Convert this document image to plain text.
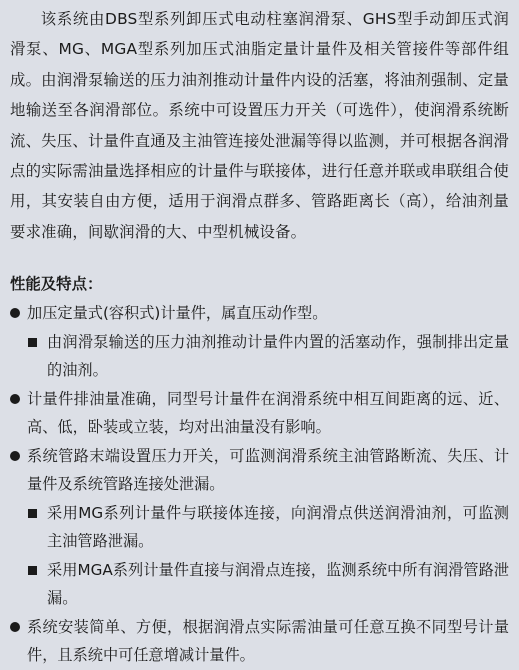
该系统由DBS型系列卸压式电动柱塞润滑泵、GHS型手动卸压式润滑泵、MG、MGA型系列加压式油脂定量计量件及相关管接件等部件组成。由润滑泵输送的压力油剂推动计量件内设的活塞，将油剂强制、定量地输送至各润滑部位。系统中可设置压力开关（可选件），使润滑系统断流、失压、计量件直通及主油管连接处泄漏等得以监测，并可根据各润滑点的实际需油量选择相应的计量件与联接体，进行任意并联或串联组合使用，其安装自由方便，适用于润滑点群多、管路距离长（高），给油剂量要求准确，间歇润滑的大、中型机械设备。

性能及特点：
加压定量式(容积式)计量件，属直压动作型。
由润滑泵输送的压力油剂推动计量件内置的活塞动作，强制排出定量的油剂。
计量件排油量准确，同型号计量件在润滑系统中相互间距离的远、近、高、低，卧装或立装，均对出油量没有影响。
系统管路末端设置压力开关，可监测润滑系统主油管路断流、失压、计量件及系统管路连接处泄漏。
采用MG系列计量件与联接体连接，向润滑点供送润滑油剂，可监测主油管路泄漏。
采用MGA系列计量件直接与润滑点连接，监测系统中所有润滑管路泄漏。
系统安装简单、方便，根据润滑点实际需油量可任意互换不同型号计量件，且系统中可任意增减计量件。
